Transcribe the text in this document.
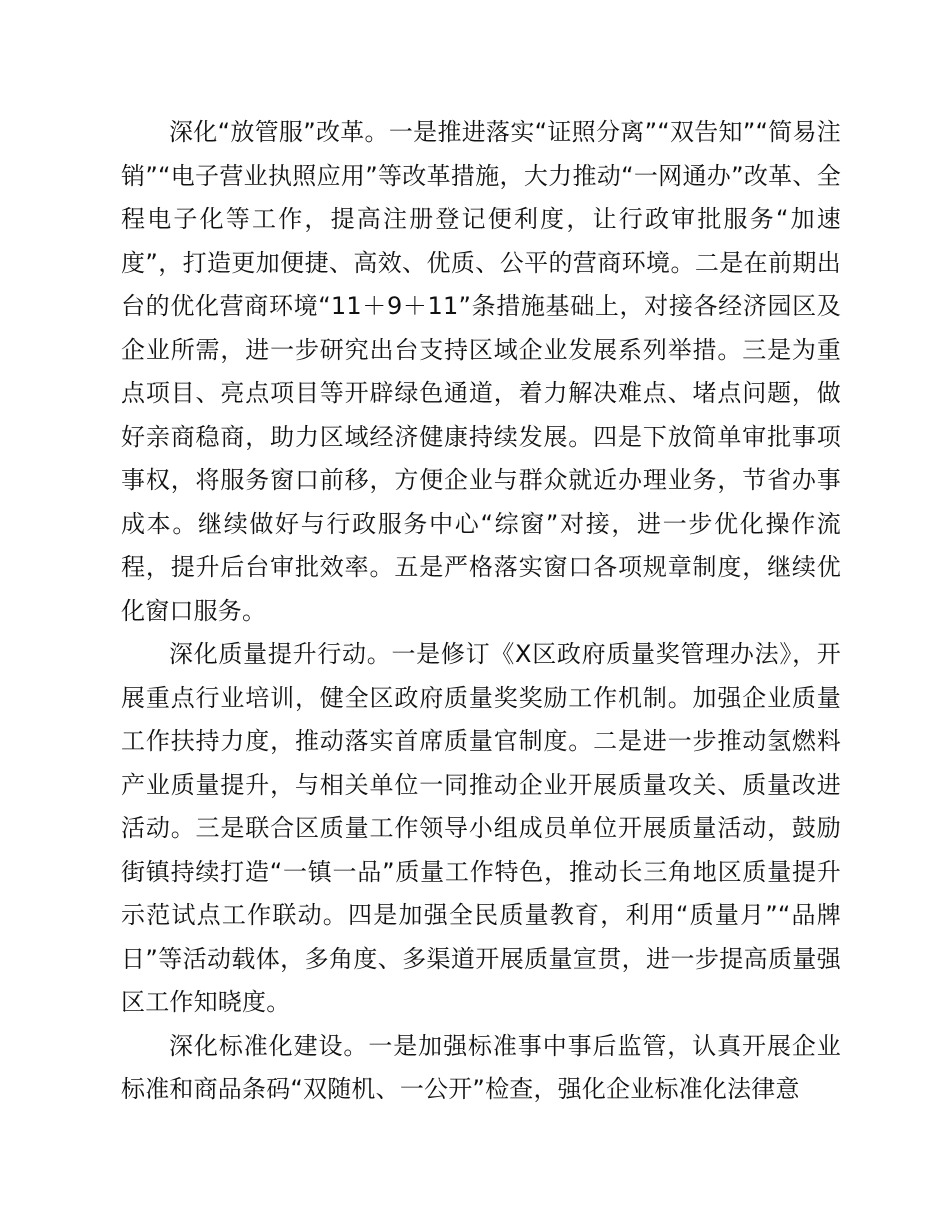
深化“放管服”改革。一是推进落实“证照分离”“双告知”“简易注销”“电子营业执照应用”等改革措施，大力推动“一网通办”改革、全程电子化等工作，提高注册登记便利度，让行政审批服务“加速度”，打造更加便捷、高效、优质、公平的营商环境。二是在前期出台的优化营商环境“11＋9＋11”条措施基础上，对接各经济园区及企业所需，进一步研究出台支持区域企业发展系列举措。三是为重点项目、亮点项目等开辟绿色通道，着力解决难点、堵点问题，做好亲商稳商，助力区域经济健康持续发展。四是下放简单审批事项事权，将服务窗口前移，方便企业与群众就近办理业务，节省办事成本。继续做好与行政服务中心“综窗”对接，进一步优化操作流程，提升后台审批效率。五是严格落实窗口各项规章制度，继续优化窗口服务。

深化质量提升行动。一是修订《X区政府质量奖管理办法》，开展重点行业培训，健全区政府质量奖奖励工作机制。加强企业质量工作扶持力度，推动落实首席质量官制度。二是进一步推动氢燃料产业质量提升，与相关单位一同推动企业开展质量攻关、质量改进活动。三是联合区质量工作领导小组成员单位开展质量活动，鼓励街镇持续打造“一镇一品”质量工作特色，推动长三角地区质量提升示范试点工作联动。四是加强全民质量教育，利用“质量月”“品牌日”等活动载体，多角度、多渠道开展质量宣贯，进一步提高质量强区工作知晓度。

深化标准化建设。一是加强标准事中事后监管，认真开展企业标准和商品条码“双随机、一公开”检查，强化企业标准化法律意
